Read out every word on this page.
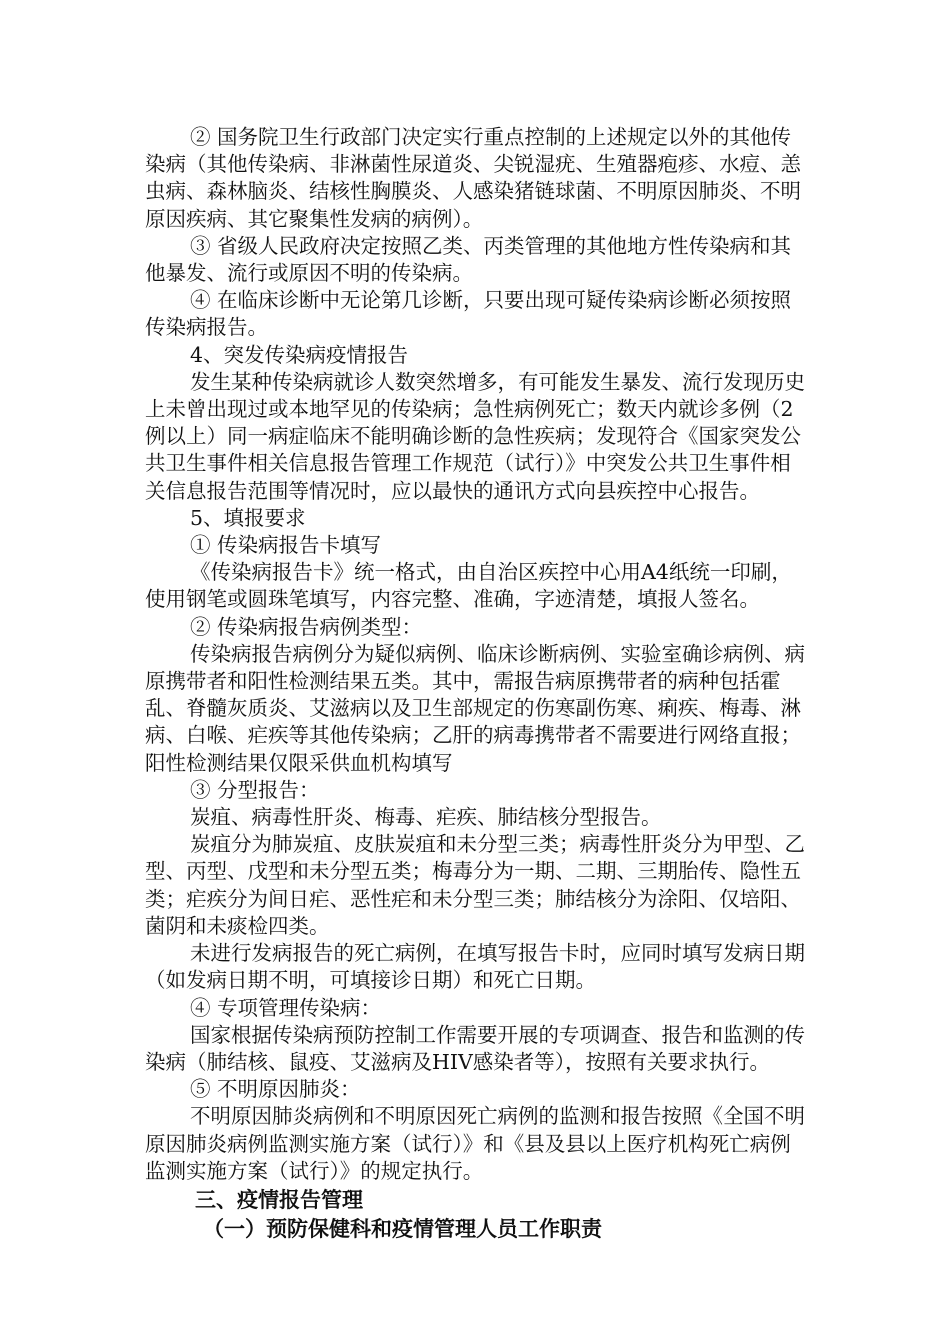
② 国务院卫生行政部门决定实行重点控制的上述规定以外的其他传染病（其他传染病、非淋菌性尿道炎、尖锐湿疣、生殖器疱疹、水痘、恙虫病、森林脑炎、结核性胸膜炎、人感染猪链球菌、不明原因肺炎、不明原因疾病、其它聚集性发病的病例）。

③ 省级人民政府决定按照乙类、丙类管理的其他地方性传染病和其他暴发、流行或原因不明的传染病。

④ 在临床诊断中无论第几诊断，只要出现可疑传染病诊断必须按照传染病报告。

4、突发传染病疫情报告

发生某种传染病就诊人数突然增多，有可能发生暴发、流行发现历史上未曾出现过或本地罕见的传染病；急性病例死亡；数天内就诊多例（2例以上）同一病症临床不能明确诊断的急性疾病；发现符合《国家突发公共卫生事件相关信息报告管理工作规范（试行）》中突发公共卫生事件相关信息报告范围等情况时，应以最快的通讯方式向县疾控中心报告。

5、填报要求

① 传染病报告卡填写

《传染病报告卡》统一格式，由自治区疾控中心用A4纸统一印刷，使用钢笔或圆珠笔填写，内容完整、准确，字迹清楚，填报人签名。

② 传染病报告病例类型：

传染病报告病例分为疑似病例、临床诊断病例、实验室确诊病例、病原携带者和阳性检测结果五类。其中，需报告病原携带者的病种包括霍乱、脊髓灰质炎、艾滋病以及卫生部规定的伤寒副伤寒、痢疾、梅毒、淋病、白喉、疟疾等其他传染病；乙肝的病毒携带者不需要进行网络直报；阳性检测结果仅限采供血机构填写

③ 分型报告：

炭疽、病毒性肝炎、梅毒、疟疾、肺结核分型报告。

炭疽分为肺炭疽、皮肤炭疽和未分型三类；病毒性肝炎分为甲型、乙型、丙型、戊型和未分型五类；梅毒分为一期、二期、三期胎传、隐性五类；疟疾分为间日疟、恶性疟和未分型三类；肺结核分为涂阳、仅培阳、菌阴和未痰检四类。

未进行发病报告的死亡病例，在填写报告卡时，应同时填写发病日期（如发病日期不明，可填接诊日期）和死亡日期。

④ 专项管理传染病：

国家根据传染病预防控制工作需要开展的专项调查、报告和监测的传染病（肺结核、鼠疫、艾滋病及HIV感染者等），按照有关要求执行。

⑤ 不明原因肺炎：

不明原因肺炎病例和不明原因死亡病例的监测和报告按照《全国不明原因肺炎病例监测实施方案（试行）》和《县及县以上医疗机构死亡病例监测实施方案（试行）》的规定执行。

三、疫情报告管理

（一）预防保健科和疫情管理人员工作职责
